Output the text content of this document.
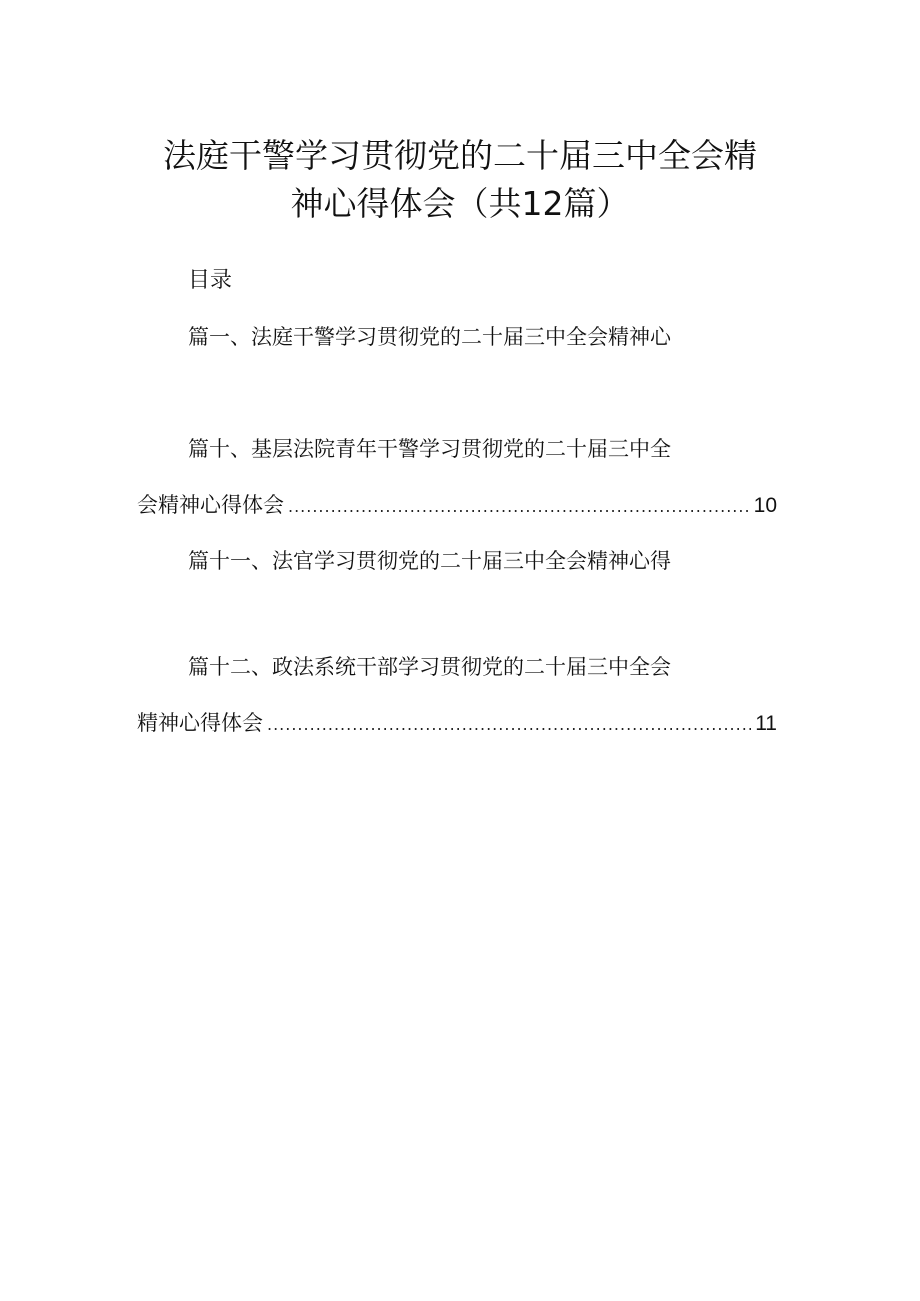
法庭干警学习贯彻党的二十届三中全会精
神心得体会（共12篇）
目录
篇一、法庭干警学习贯彻党的二十届三中全会精神心
篇十、基层法院青年干警学习贯彻党的二十届三中全
会精神心得体会 .....	10
篇十一、法官学习贯彻党的二十届三中全会精神心得
篇十二、政法系统干部学习贯彻党的二十届三中全会
精神心得体会 .....	11
